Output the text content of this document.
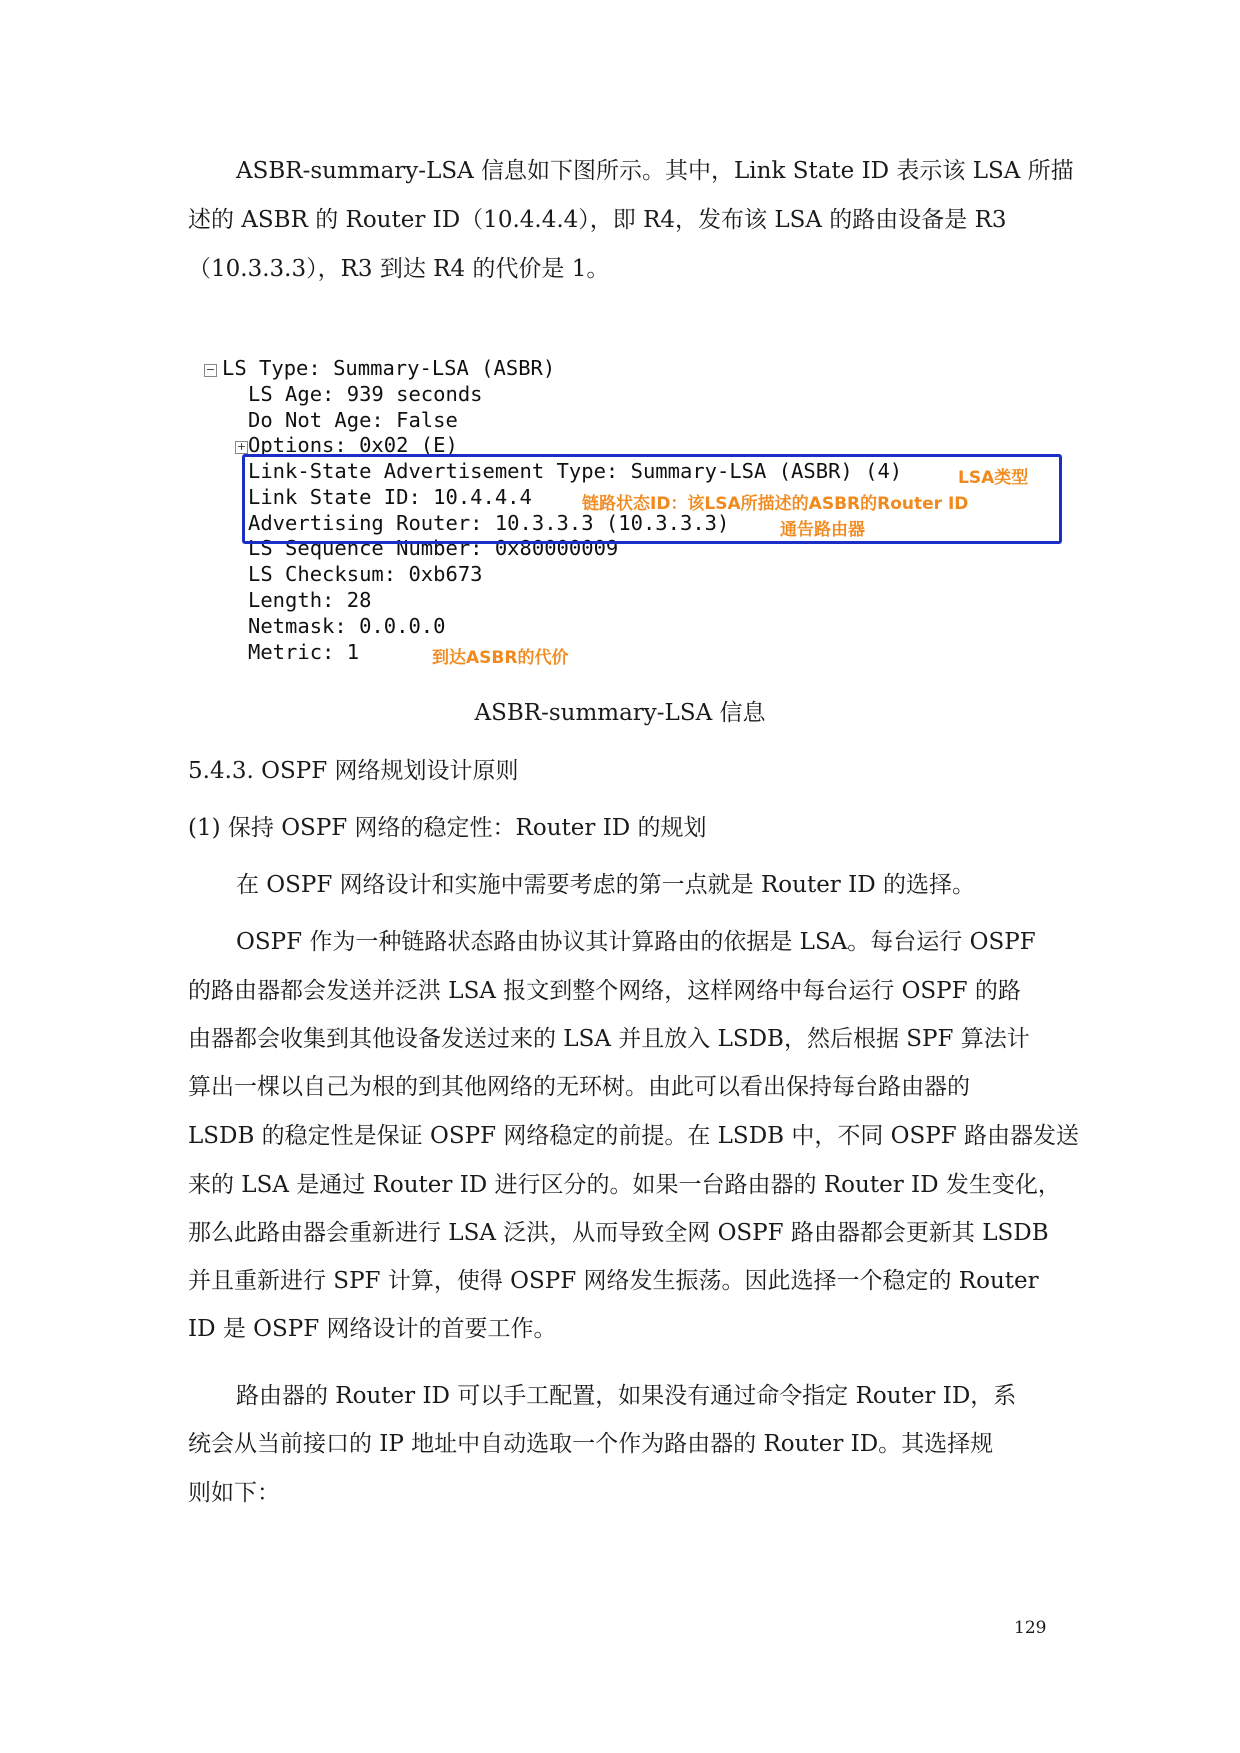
ASBR-summary-LSA 信息如下图所示。其中，Link State ID 表示该 LSA 所描
述的 ASBR 的 Router ID（10.4.4.4），即 R4，发布该 LSA 的路由设备是 R3
（10.3.3.3），R3 到达 R4 的代价是 1。
− LS Type: Summary-LSA (ASBR)
LS Age: 939 seconds
Do Not Age: False
+ Options: 0x02 (E)
Link-State Advertisement Type: Summary-LSA (ASBR) (4)
Link State ID: 10.4.4.4
Advertising Router: 10.3.3.3 (10.3.3.3)
LS Sequence Number: 0x80000009
LS Checksum: 0xb673
Length: 28
Netmask: 0.0.0.0
Metric: 1
LSA类型
链路状态ID：该LSA所描述的ASBR的Router ID
通告路由器
到达ASBR的代价
ASBR-summary-LSA 信息
5.4.3. OSPF 网络规划设计原则
(1) 保持 OSPF 网络的稳定性：Router ID 的规划
在 OSPF 网络设计和实施中需要考虑的第一点就是 Router ID 的选择。
OSPF 作为一种链路状态路由协议其计算路由的依据是 LSA。每台运行 OSPF
的路由器都会发送并泛洪 LSA 报文到整个网络，这样网络中每台运行 OSPF 的路
由器都会收集到其他设备发送过来的 LSA 并且放入 LSDB，然后根据 SPF 算法计
算出一棵以自己为根的到其他网络的无环树。由此可以看出保持每台路由器的
LSDB 的稳定性是保证 OSPF 网络稳定的前提。在 LSDB 中，不同 OSPF 路由器发送
来的 LSA 是通过 Router ID 进行区分的。如果一台路由器的 Router ID 发生变化，
那么此路由器会重新进行 LSA 泛洪，从而导致全网 OSPF 路由器都会更新其 LSDB
并且重新进行 SPF 计算，使得 OSPF 网络发生振荡。因此选择一个稳定的 Router
ID 是 OSPF 网络设计的首要工作。
路由器的 Router ID 可以手工配置，如果没有通过命令指定 Router ID，系
统会从当前接口的 IP 地址中自动选取一个作为路由器的 Router ID。其选择规
则如下：
129
